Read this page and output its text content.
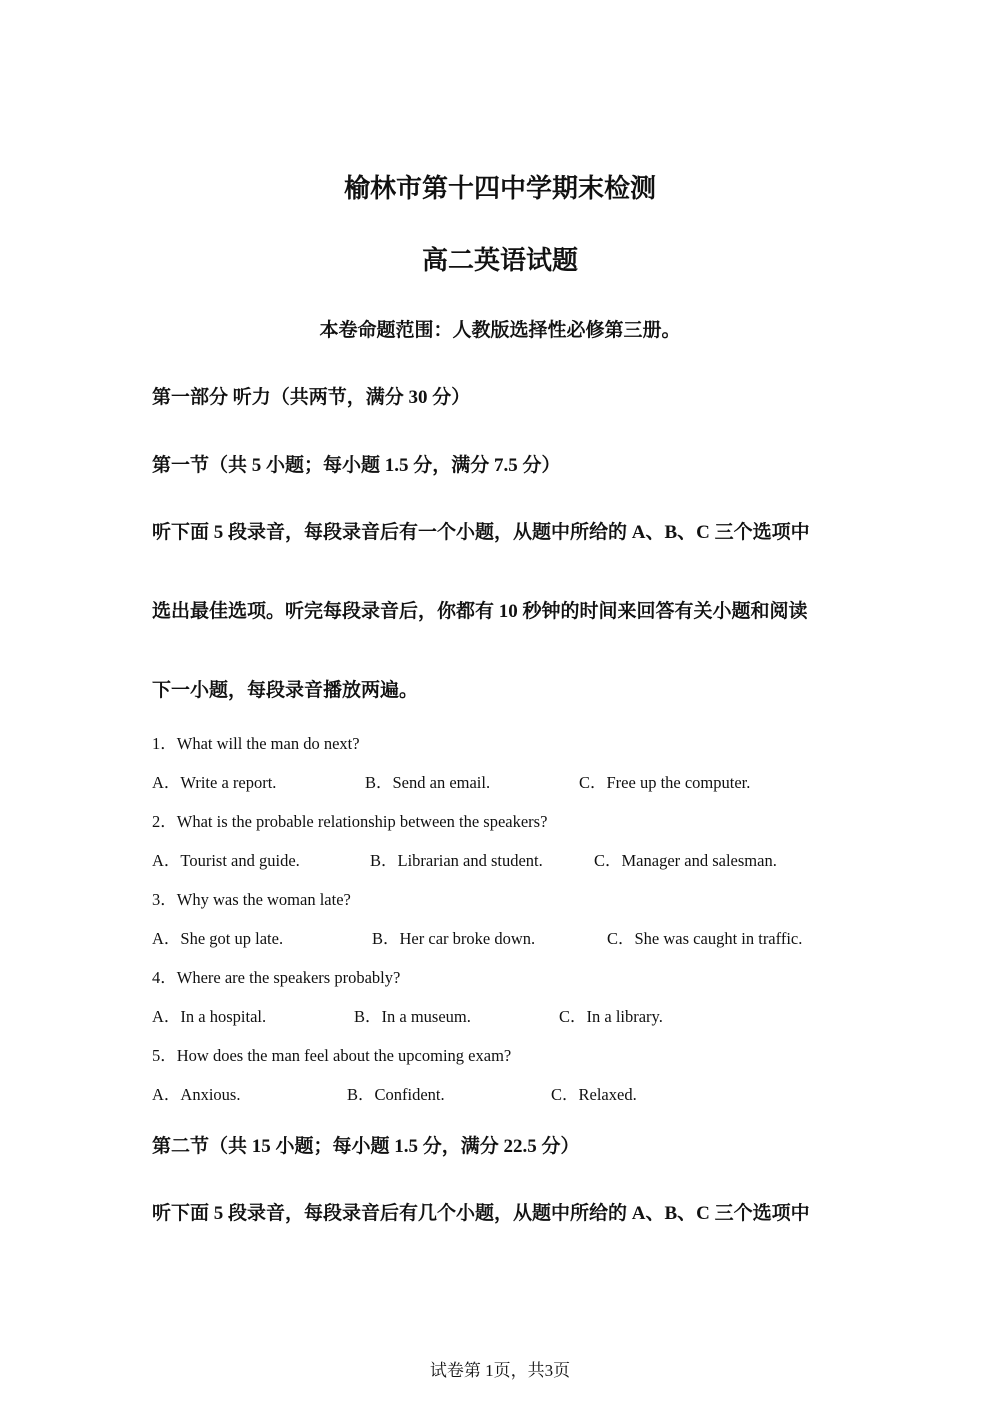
榆林市第十四中学期末检测
高二英语试题
本卷命题范围：人教版选择性必修第三册。
第一部分 听力（共两节，满分 30 分）
第一节（共 5 小题；每小题 1.5 分，满分 7.5 分）
听下面 5 段录音，每段录音后有一个小题，从题中所给的 A、B、C 三个选项中
选出最佳选项。听完每段录音后，你都有 10 秒钟的时间来回答有关小题和阅读
下一小题，每段录音播放两遍。
1．What will the man do next?
A．Write a report.	B．Send an email.	C．Free up the computer.
2．What is the probable relationship between the speakers?
A．Tourist and guide.	B．Librarian and student.	C．Manager and salesman.
3．Why was the woman late?
A．She got up late.	B．Her car broke down.	C．She was caught in traffic.
4．Where are the speakers probably?
A．In a hospital.	B．In a museum.	C．In a library.
5．How does the man feel about the upcoming exam?
A．Anxious.	B．Confident.	C．Relaxed.
第二节（共 15 小题；每小题 1.5 分，满分 22.5 分）
听下面 5 段录音，每段录音后有几个小题，从题中所给的 A、B、C 三个选项中
试卷第 1页，共3页
